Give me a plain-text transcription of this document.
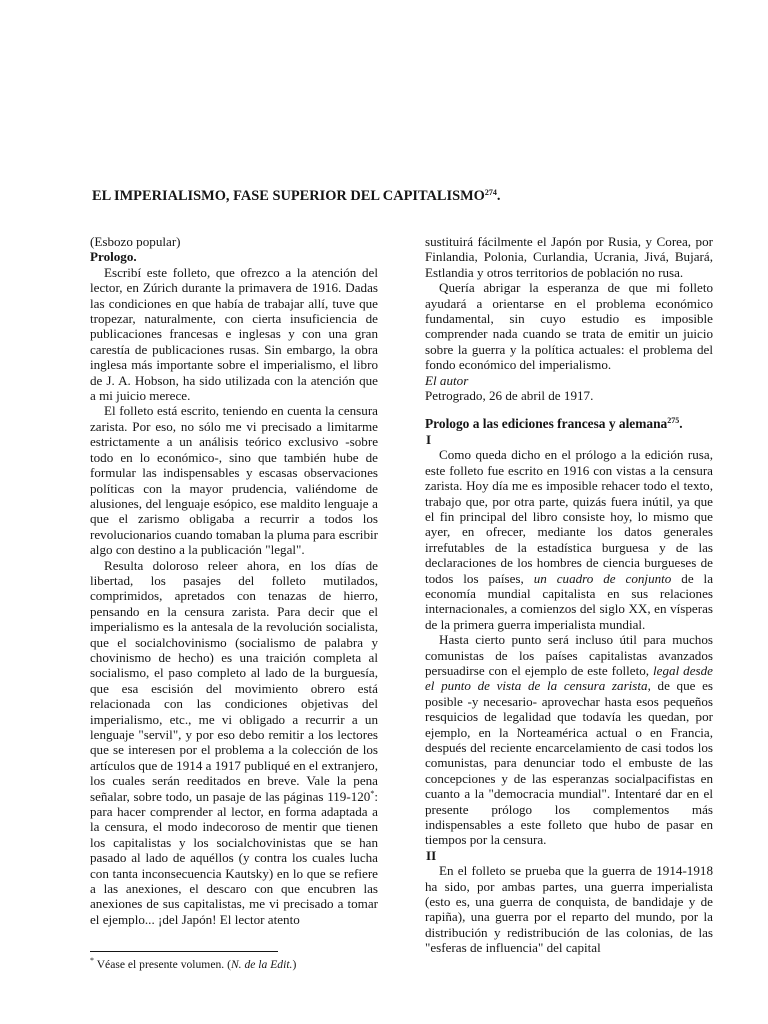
EL IMPERIALISMO, FASE SUPERIOR DEL CAPITALISMO$^{274}$.

(Esbozo popular)

Prologo.

Escribí este folleto, que ofrezco a la atención del lector, en Zúrich durante la primavera de 1916. Dadas las condiciones en que había de trabajar allí, tuve que tropezar, naturalmente, con cierta insuficiencia de publicaciones francesas e inglesas y con una gran carestía de publicaciones rusas. Sin embargo, la obra inglesa más importante sobre el imperialismo, el libro de J. A. Hobson, ha sido utilizada con la atención que a mi juicio merece.

El folleto está escrito, teniendo en cuenta la censura zarista. Por eso, no sólo me vi precisado a limitarme estrictamente a un análisis teórico exclusivo -sobre todo en lo económico-, sino que también hube de formular las indispensables y escasas observaciones políticas con la mayor prudencia, valiéndome de alusiones, del lenguaje esópico, ese maldito lenguaje a que el zarismo obligaba a recurrir a todos los revolucionarios cuando tomaban la pluma para escribir algo con destino a la publicación "legal".

Resulta doloroso releer ahora, en los días de libertad, los pasajes del folleto mutilados, comprimidos, apretados con tenazas de hierro, pensando en la censura zarista. Para decir que el imperialismo es la antesala de la revolución socialista, que el socialchovinismo (socialismo de palabra y chovinismo de hecho) es una traición completa al socialismo, el paso completo al lado de la burguesía, que esa escisión del movimiento obrero está relacionada con las condiciones objetivas del imperialismo, etc., me vi obligado a recurrir a un lenguaje "servil", y por eso debo remitir a los lectores que se interesen por el problema a la colección de los artículos que de 1914 a 1917 publiqué en el extranjero, los cuales serán reeditados en breve. Vale la pena señalar, sobre todo, un pasaje de las páginas 119-120*: para hacer comprender al lector, en forma adaptada a la censura, el modo indecoroso de mentir que tienen los capitalistas y los socialchovinistas que se han pasado al lado de aquéllos (y contra los cuales lucha con tanta inconsecuencia Kautsky) en lo que se refiere a las anexiones, el descaro con que encubren las anexiones de sus capitalistas, me vi precisado a tomar el ejemplo... ¡del Japón! El lector atento

sustituirá fácilmente el Japón por Rusia, y Corea, por Finlandia, Polonia, Curlandia, Ucrania, Jivá, Bujará, Estlandia y otros territorios de población no rusa.

Quería abrigar la esperanza de que mi folleto ayudará a orientarse en el problema económico fundamental, sin cuyo estudio es imposible comprender nada cuando se trata de emitir un juicio sobre la guerra y la política actuales: el problema del fondo económico del imperialismo.

El autor

Petrogrado, 26 de abril de 1917.

Prologo a las ediciones francesa y alemana$^{275}$.

I

Como queda dicho en el prólogo a la edición rusa, este folleto fue escrito en 1916 con vistas a la censura zarista. Hoy día me es imposible rehacer todo el texto, trabajo que, por otra parte, quizás fuera inútil, ya que el fin principal del libro consiste hoy, lo mismo que ayer, en ofrecer, mediante los datos generales irrefutables de la estadística burguesa y de las declaraciones de los hombres de ciencia burgueses de todos los países, un cuadro de conjunto de la economía mundial capitalista en sus relaciones internacionales, a comienzos del siglo XX, en vísperas de la primera guerra imperialista mundial.

Hasta cierto punto será incluso útil para muchos comunistas de los países capitalistas avanzados persuadirse con el ejemplo de este folleto, legal desde el punto de vista de la censura zarista, de que es posible -y necesario- aprovechar hasta esos pequeños resquicios de legalidad que todavía les quedan, por ejemplo, en la Norteamérica actual o en Francia, después del reciente encarcelamiento de casi todos los comunistas, para denunciar todo el embuste de las concepciones y de las esperanzas socialpacifistas en cuanto a la "democracia mundial". Intentaré dar en el presente prólogo los complementos más indispensables a este folleto que hubo de pasar en tiempos por la censura.

II

En el folleto se prueba que la guerra de 1914-1918 ha sido, por ambas partes, una guerra imperialista (esto es, una guerra de conquista, de bandidaje y de rapiña), una guerra por el reparto del mundo, por la distribución y redistribución de las colonias, de las "esferas de influencia" del capital

* Véase el presente volumen. (N. de la Edit.)
